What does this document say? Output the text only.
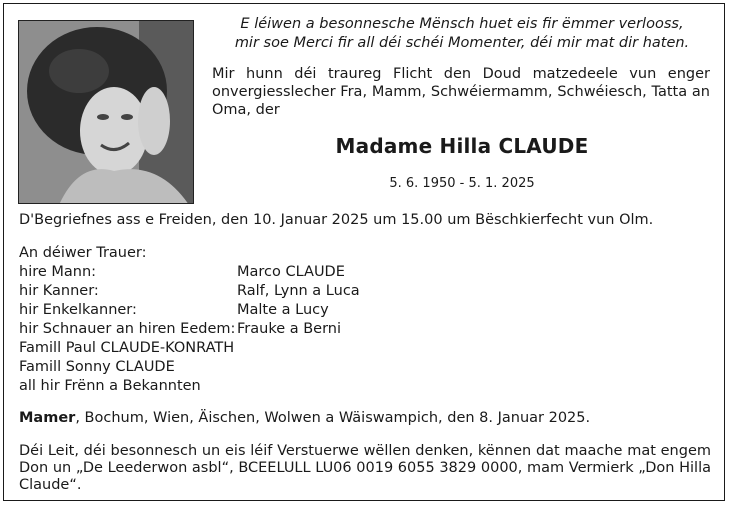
E léiwen a besonnesche Mënsch huet eis fir ëmmer verlooss,
mir soe Merci fir all déi schéi Momenter, déi mir mat dir haten.
Mir hunn déi traureg Flicht den Doud matzedeele vun enger onvergiesslecher Fra, Mamm, Schwéiermamm, Schwéiesch, Tatta an Oma, der
Madame Hilla CLAUDE
5. 6. 1950 - 5. 1. 2025
D'Begriefnes ass e Freiden, den 10. Januar 2025 um 15.00 um Bëschkierfecht vun Olm.
An déiwer Trauer:
hire Mann:	Marco CLAUDE
hir Kanner:	Ralf, Lynn a Luca
hir Enkelkanner:	Malte a Lucy
hir Schnauer an hiren Eedem: Frauke a Berni
Famill Paul CLAUDE-KONRATH
Famill Sonny CLAUDE
all hir Frënn a Bekannten
Mamer, Bochum, Wien, Äischen, Wolwen a Wäiswampich, den 8. Januar 2025.
Déi Leit, déi besonnesch un eis léif Verstuerwe wëllen denken, kënnen dat maache mat engem Don un „De Leederwon asbl“, BCEELULL LU06 0019 6055 3829 0000, mam Vermierk „Don Hilla Claude“.
